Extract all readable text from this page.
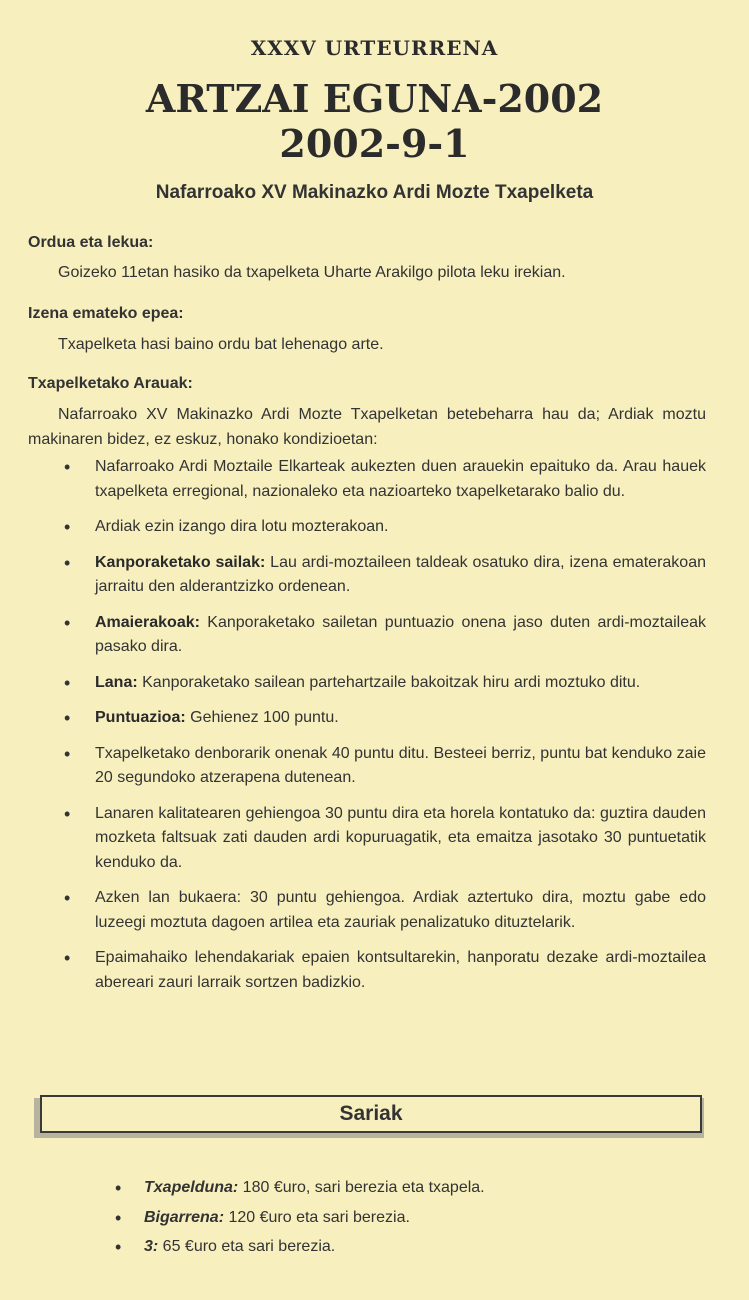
XXXV URTEURRENA
ARTZAI EGUNA-2002
2002-9-1
Nafarroako XV Makinazko Ardi Mozte Txapelketa
Ordua eta lekua:
Goizeko 11etan hasiko da txapelketa Uharte Arakilgo pilota leku irekian.
Izena emateko epea:
Txapelketa hasi baino ordu bat lehenago arte.
Txapelketako Arauak:
Nafarroako XV Makinazko Ardi Mozte Txapelketan betebeharra hau da; Ardiak moztu makinaren bidez, ez eskuz, honako kondizioetan:
• Nafarroako Ardi Moztaile Elkarteak aukezten duen arauekin epaituko da. Arau hauek txapelketa erregional, nazionaleko eta nazioarteko txapelketarako balio du.
• Ardiak ezin izango dira lotu mozterakoan.
• Kanporaketako sailak: Lau ardi-moztaileen taldeak osatuko dira, izena ematerakoan jarraitu den alderantzizko ordenean.
• Amaierakoak: Kanporaketako sailetan puntuazio onena jaso duten ardi-moztaileak pasako dira.
• Lana: Kanporaketako sailean partehartzaile bakoitzak hiru ardi moztuko ditu.
• Puntuazioa: Gehienez 100 puntu.
• Txapelketako denborarik onenak 40 puntu ditu. Besteei berriz, puntu bat kenduko zaie 20 segundoko atzerapena dutenean.
• Lanaren kalitatearen gehiengoa 30 puntu dira eta horela kontatuko da: guztira dauden mozketa faltsuak zati dauden ardi kopuruagatik, eta emaitza jasotako 30 puntuetatik kenduko da.
• Azken lan bukaera: 30 puntu gehiengoa. Ardiak aztertuko dira, moztu gabe edo luzeegi moztuta dagoen artilea eta zauriak penalizatuko dituztelarik.
• Epaimahaiko lehendakariak epaien kontsultarekin, hanporatu dezake ardi-moztailea abereari zauri larraik sortzen badizkio.
Sariak
• Txapelduna: 180 €uro, sari berezia eta txapela.
• Bigarrena: 120 €uro eta sari berezia.
• 3: 65 €uro eta sari berezia.
